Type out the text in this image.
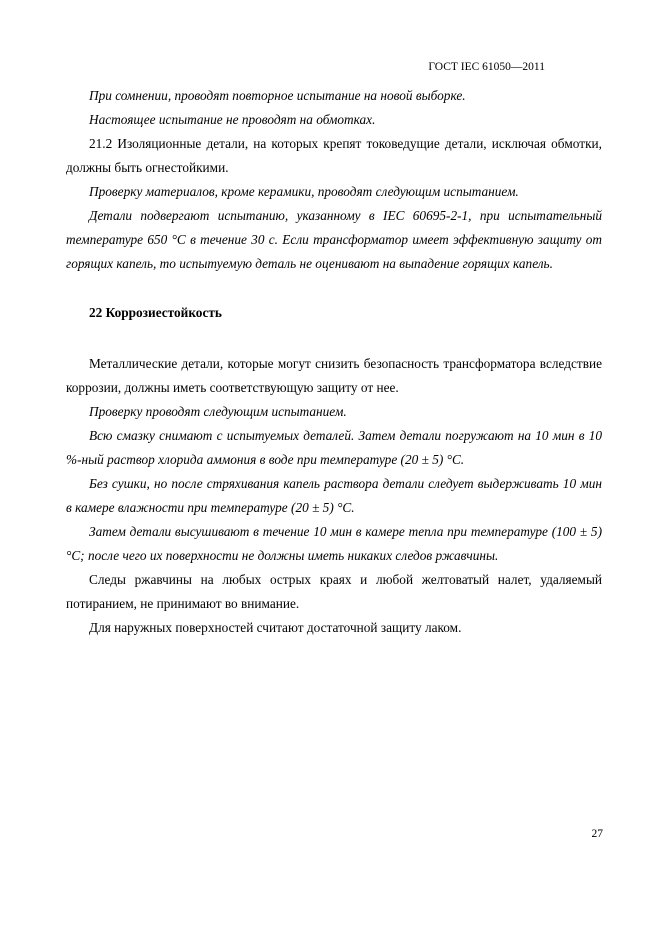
ГОСТ IEC 61050—2011

При сомнении, проводят повторное испытание на новой выборке.

Настоящее испытание не проводят на обмотках.

21.2 Изоляционные детали, на которых крепят токоведущие детали, исключая обмотки, должны быть огнестойкими.

Проверку материалов, кроме керамики, проводят следующим испытанием.

Детали подвергают испытанию, указанному в IEC 60695-2-1, при испытательный температуре 650 °С в течение 30 с. Если трансформатор имеет эффективную защиту от горящих капель, то испытуемую деталь не оценивают на выпадение горящих капель.

22 Коррозиестойкость

Металлические детали, которые могут снизить безопасность трансформатора вследствие коррозии, должны иметь соответствующую защиту от нее.

Проверку проводят следующим испытанием.

Всю смазку снимают с испытуемых деталей. Затем детали погружают на 10 мин в 10 %-ный раствор хлорида аммония в воде при температуре (20 ± 5) °С.

Без сушки, но после стряхивания капель раствора детали следует выдерживать 10 мин в камере влажности при температуре (20 ± 5) °С.

Затем детали высушивают в течение 10 мин в камере тепла при температуре (100 ± 5) °С; после чего их поверхности не должны иметь никаких следов ржавчины.

Следы ржавчины на любых острых краях и любой желтоватый налет, удаляемый потиранием, не принимают во внимание.

Для наружных поверхностей считают достаточной защиту лаком.

27
